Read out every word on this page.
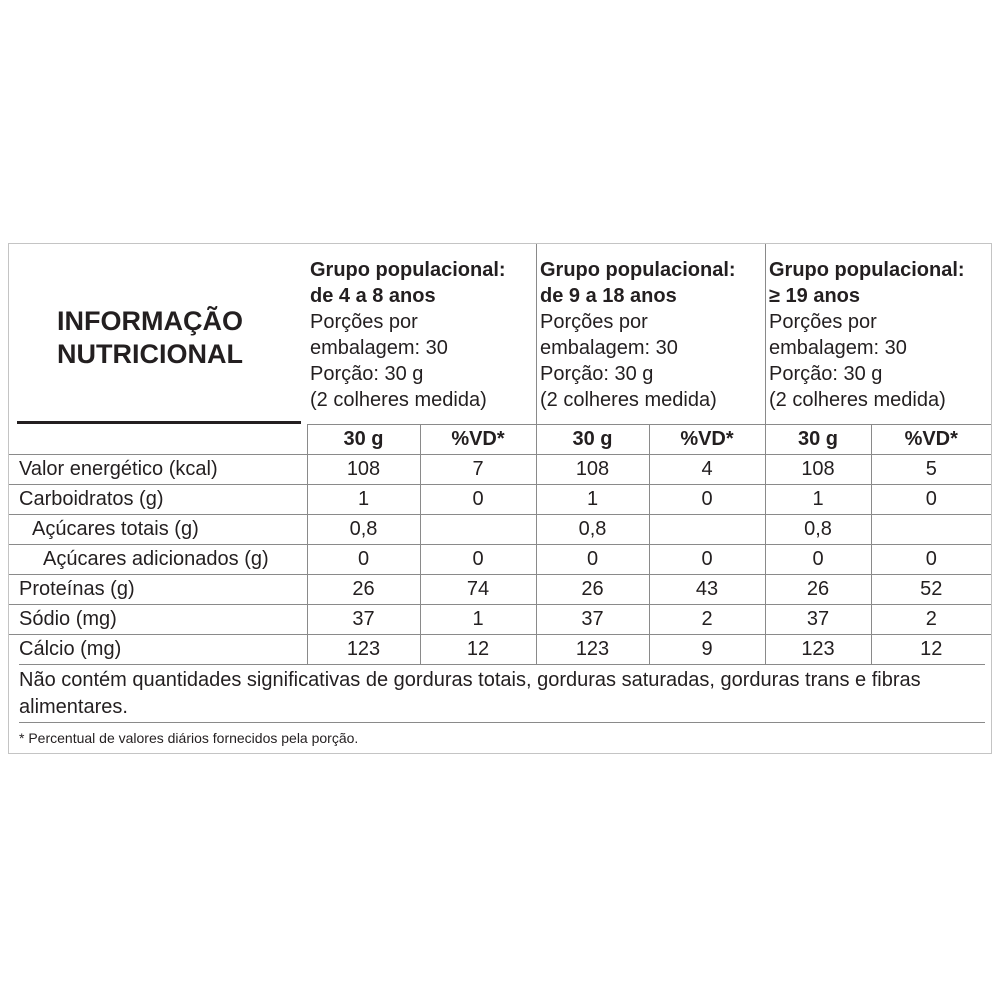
INFORMAÇÃO
NUTRICIONAL
Grupo populacional:
de 4 a 8 anos
Porções por
embalagem: 30
Porção: 30 g
(2 colheres medida)
Grupo populacional:
de 9 a 18 anos
Porções por
embalagem: 30
Porção: 30 g
(2 colheres medida)
Grupo populacional:
≥ 19 anos
Porções por
embalagem: 30
Porção: 30 g
(2 colheres medida)
	30 g	%VD*	30 g	%VD*	30 g	%VD*
Valor energético (kcal)	108	7	108	4	108	5
Carboidratos (g)	1	0	1	0	1	0
Açúcares totais (g)	0,8		0,8		0,8	
Açúcares adicionados (g)	0	0	0	0	0	0
Proteínas (g)	26	74	26	43	26	52
Sódio (mg)	37	1	37	2	37	2
Cálcio (mg)	123	12	123	9	123	12
Não contém quantidades significativas de gorduras totais, gorduras saturadas, gorduras trans e fibras alimentares.
* Percentual de valores diários fornecidos pela porção.
